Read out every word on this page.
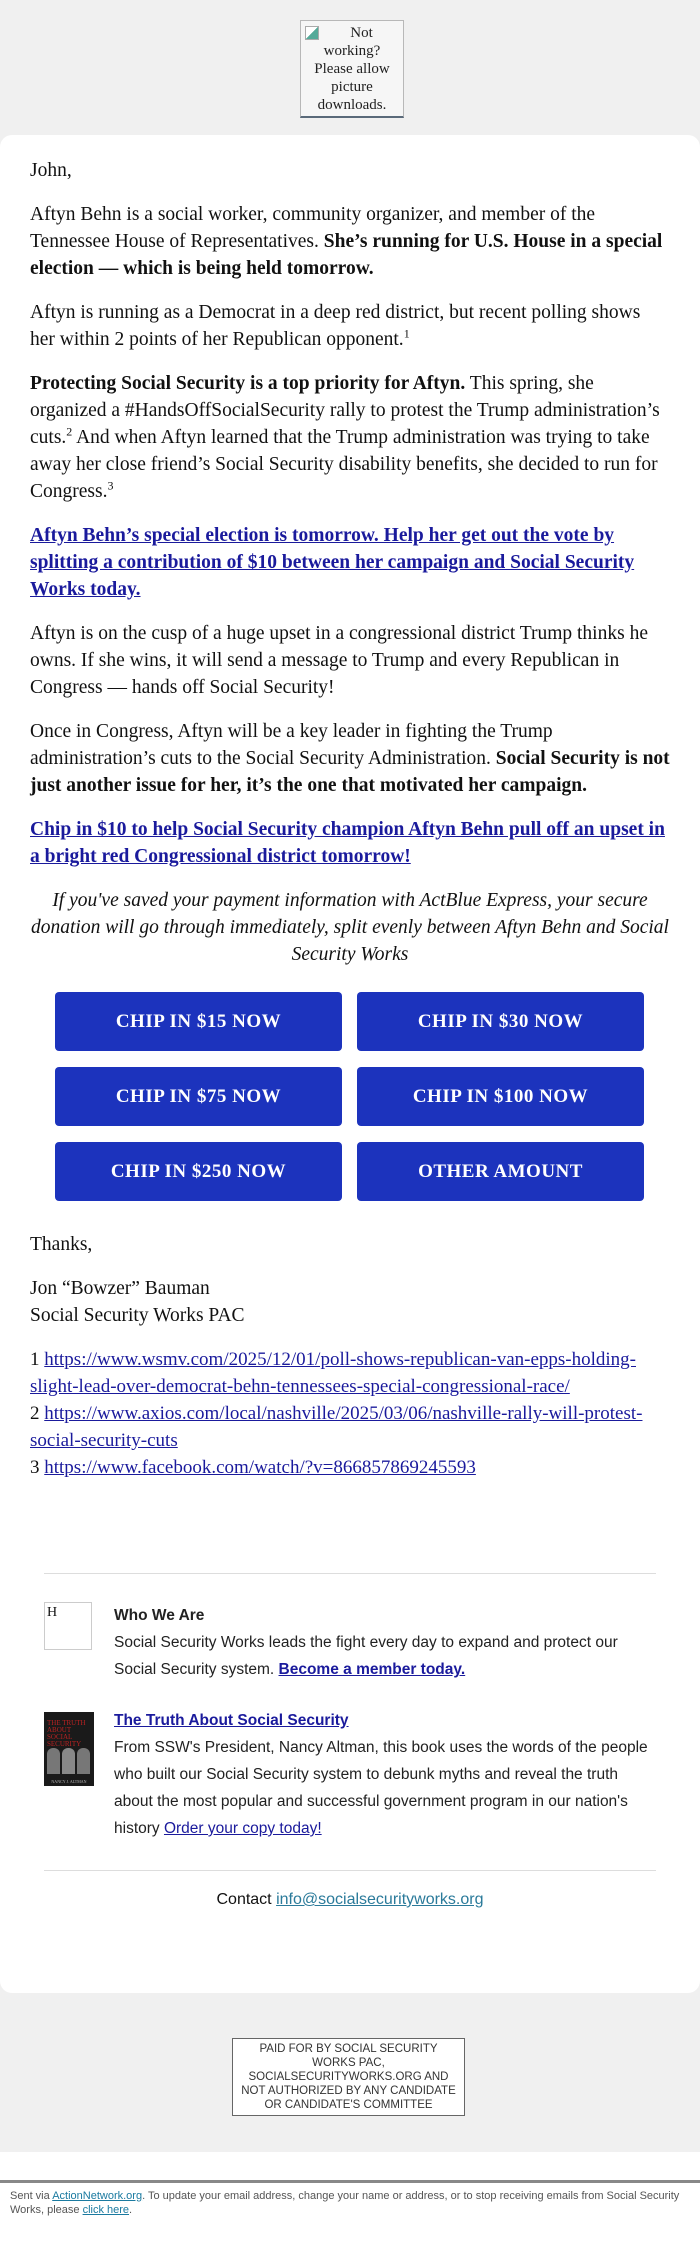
Not working? Please allow picture downloads.

John,

Aftyn Behn is a social worker, community organizer, and member of the Tennessee House of Representatives. She’s running for U.S. House in a special election — which is being held tomorrow.

Aftyn is running as a Democrat in a deep red district, but recent polling shows her within 2 points of her Republican opponent.$^1$

Protecting Social Security is a top priority for Aftyn. This spring, she organized a #HandsOffSocialSecurity rally to protest the Trump administration’s cuts.$^2$ And when Aftyn learned that the Trump administration was trying to take away her close friend’s Social Security disability benefits, she decided to run for Congress.$^3$

Aftyn Behn’s special election is tomorrow. Help her get out the vote by splitting a contribution of $10 between her campaign and Social Security Works today.

Aftyn is on the cusp of a huge upset in a congressional district Trump thinks he owns. If she wins, it will send a message to Trump and every Republican in Congress — hands off Social Security!

Once in Congress, Aftyn will be a key leader in fighting the Trump administration’s cuts to the Social Security Administration. Social Security is not just another issue for her, it’s the one that motivated her campaign.

Chip in $10 to help Social Security champion Aftyn Behn pull off an upset in a bright red Congressional district tomorrow!

If you've saved your payment information with ActBlue Express, your secure donation will go through immediately, split evenly between Aftyn Behn and Social Security Works

CHIP IN $15 NOW	CHIP IN $30 NOW
CHIP IN $75 NOW	CHIP IN $100 NOW
CHIP IN $250 NOW	OTHER AMOUNT

Thanks,

Jon “Bowzer” Bauman
Social Security Works PAC

1 https://www.wsmv.com/2025/12/01/poll-shows-republican-van-epps-holding-slight-lead-over-democrat-behn-tennessees-special-congressional-race/
2 https://www.axios.com/local/nashville/2025/03/06/nashville-rally-will-protest-social-security-cuts
3 https://www.facebook.com/watch/?v=866857869245593
H	Who We Are
Social Security Works leads the fight every day to expand and protect our Social Security system. Become a member today.
THE TRUTH ABOUT SOCIAL SECURITY
NANCY J. ALTMAN
The Truth About Social Security
From SSW's President, Nancy Altman, this book uses the words of the people who built our Social Security system to debunk myths and reveal the truth about the most popular and successful government program in our nation's history Order your copy today!
Contact info@socialsecurityworks.org
PAID FOR BY SOCIAL SECURITY WORKS PAC, SOCIALSECURITYWORKS.ORG AND NOT AUTHORIZED BY ANY CANDIDATE OR CANDIDATE'S COMMITTEE
Sent via ActionNetwork.org. To update your email address, change your name or address, or to stop receiving emails from Social Security Works, please click here.
